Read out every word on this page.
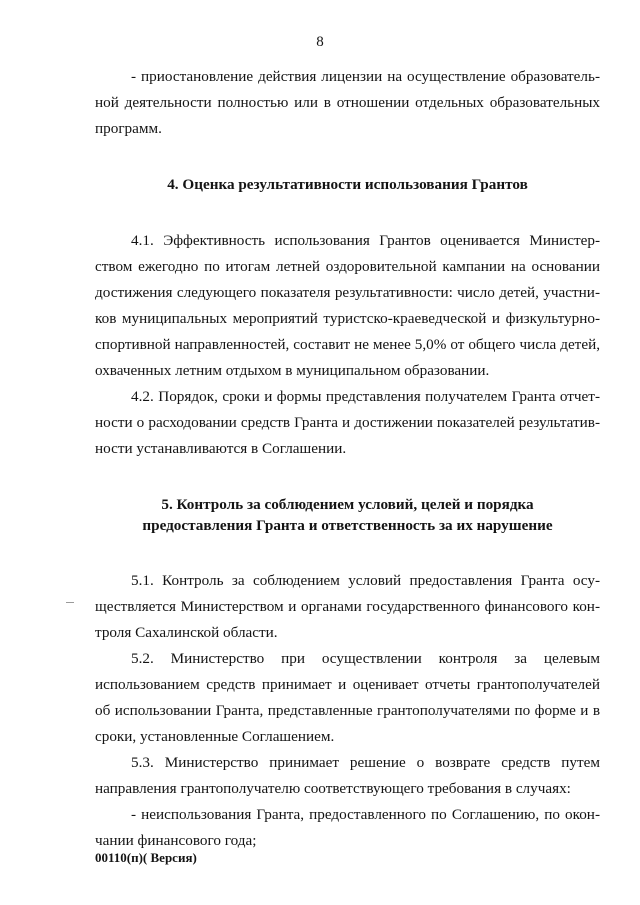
8

- приостановление действия лицензии на осуществление образовательной деятельности полностью или в отношении отдельных образовательных программ.

4. Оценка результативности использования Грантов

4.1. Эффективность использования Грантов оценивается Министерством ежегодно по итогам летней оздоровительной кампании на основании достижения следующего показателя результативности: число детей, участников муниципальных мероприятий туристско-краеведческой и физкультурно-спортивной направленностей, составит не менее 5,0% от общего числа детей, охваченных летним отдыхом в муниципальном образовании.

4.2. Порядок, сроки и формы представления получателем Гранта отчетности о расходовании средств Гранта и достижении показателей результативности устанавливаются в Соглашении.

5. Контроль за соблюдением условий, целей и порядка
предоставления Гранта и ответственность за их нарушение

5.1. Контроль за соблюдением условий предоставления Гранта осуществляется Министерством и органами государственного финансового контроля Сахалинской области.

5.2. Министерство при осуществлении контроля за целевым использованием средств принимает и оценивает отчеты грантополучателей об использовании Гранта, представленные грантополучателями по форме и в сроки, установленные Соглашением.

5.3. Министерство принимает решение о возврате средств путем направления грантополучателю соответствующего требования в случаях:

- неиспользования Гранта, предоставленного по Соглашению, по окончании финансового года;

00110(п)( Версия)
